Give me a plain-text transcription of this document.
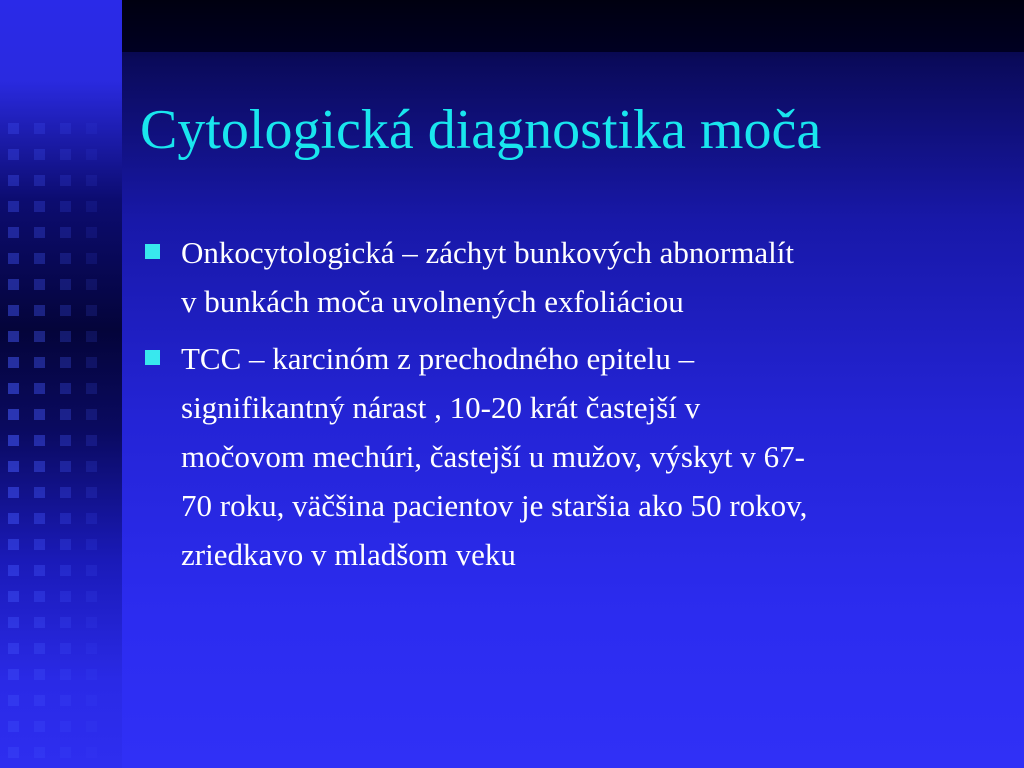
Cytologická diagnostika moča
Onkocytologická – záchyt bunkových abnormalít
v bunkách moča uvolnených exfoliáciou
TCC – karcinóm z prechodného epitelu –
signifikantný nárast , 10-20 krát častejší v
močovom mechúri, častejší u mužov, výskyt v 67-
70 roku, väčšina pacientov je staršia ako 50 rokov,
zriedkavo v mladšom veku
